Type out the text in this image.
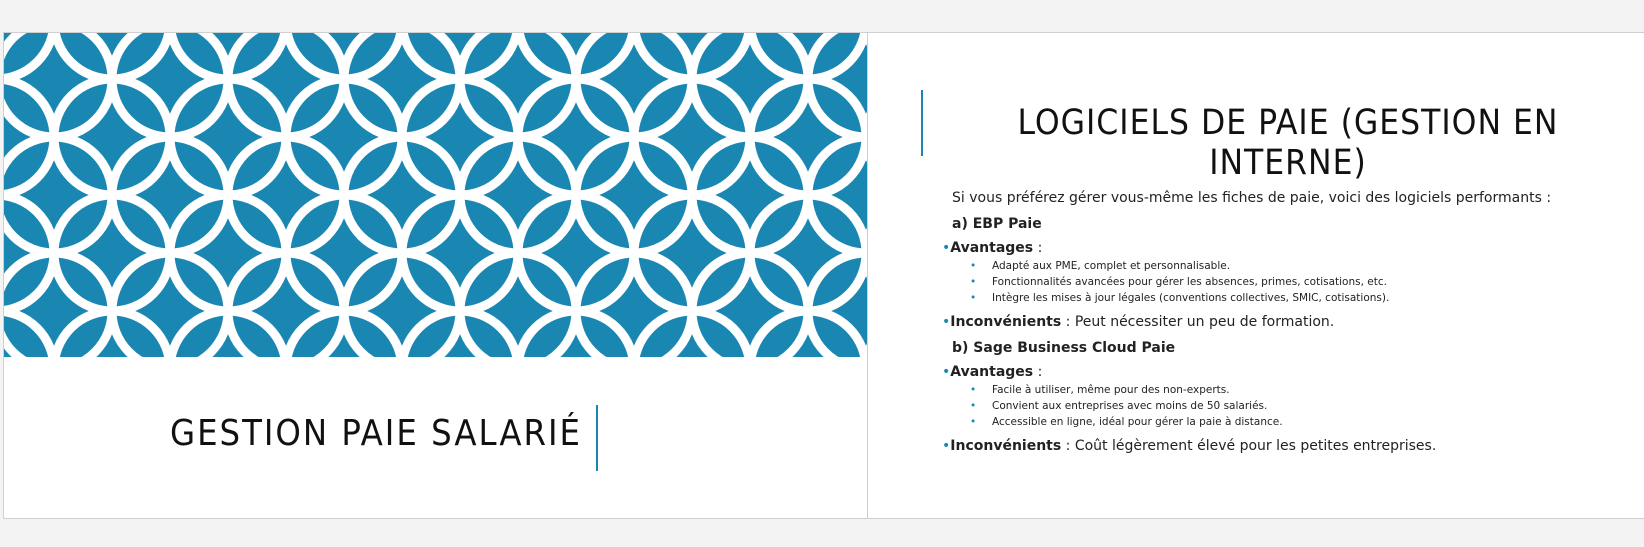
GESTION PAIE SALARIÉ
LOGICIELS DE PAIE (GESTION EN INTERNE)
Si vous préférez gérer vous-même les fiches de paie, voici des logiciels performants :
a) EBP Paie
•Avantages :
• Adapté aux PME, complet et personnalisable.
• Fonctionnalités avancées pour gérer les absences, primes, cotisations, etc.
• Intègre les mises à jour légales (conventions collectives, SMIC, cotisations).
•Inconvénients : Peut nécessiter un peu de formation.
b) Sage Business Cloud Paie
•Avantages :
• Facile à utiliser, même pour des non-experts.
• Convient aux entreprises avec moins de 50 salariés.
• Accessible en ligne, idéal pour gérer la paie à distance.
•Inconvénients : Coût légèrement élevé pour les petites entreprises.
